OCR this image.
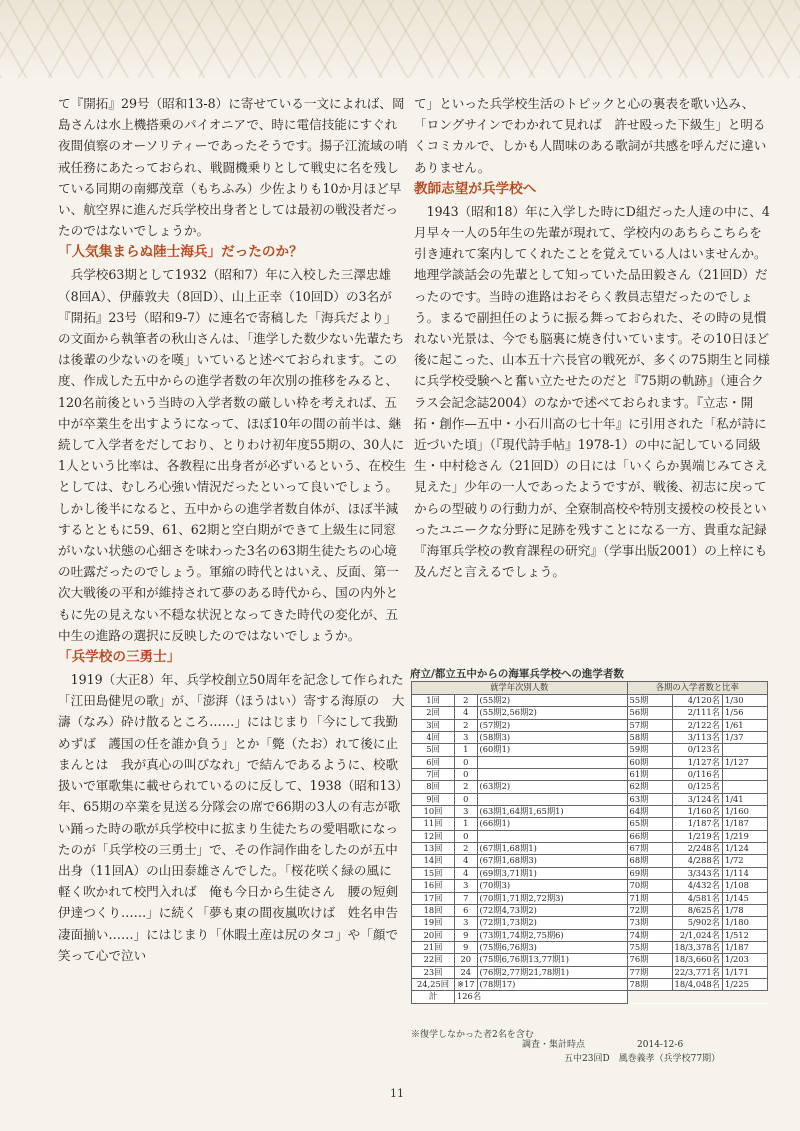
て『開拓』29号（昭和13-8）に寄せている一文によれば、岡島さんは水上機搭乗のパイオニアで、時に電信技能にすぐれ夜間偵察のオーソリティーであったそうです。揚子江流域の哨戒任務にあたっておられ、戦闘機乗りとして戦史に名を残している同期の南郷茂章（もちふみ）少佐よりも10か月ほど早い、航空界に進んだ兵学校出身者としては最初の戦没者だったのではないでしょうか。

「人気集まらぬ陸士海兵」だったのか？

兵学校63期として1932（昭和7）年に入校した三澤忠雄（8回A）、伊藤敦夫（8回D）、山上正幸（10回D）の3名が『開拓』23号（昭和9-7）に連名で寄稿した「海兵だより」の文面から執筆者の秋山さんは、「進学した数少ない先輩たちは後輩の少ないのを嘆」いていると述べておられます。この度、作成した五中からの進学者数の年次別の推移をみると、120名前後という当時の入学者数の厳しい枠を考えれば、五中が卒業生を出すようになって、ほぼ10年の間の前半は、継続して入学者をだしており、とりわけ初年度55期の、30人に1人という比率は、各教程に出身者が必ずいるという、在校生としては、むしろ心強い情況だったといって良いでしょう。しかし後半になると、五中からの進学者数自体が、ほぼ半減するとともに59、61、62期と空白期ができて上級生に同窓がいない状態の心細さを味わった3名の63期生徒たちの心境の吐露だったのでしょう。軍縮の時代とはいえ、反面、第一次大戦後の平和が維持されて夢のある時代から、国の内外ともに先の見えない不穏な状況となってきた時代の変化が、五中生の進路の選択に反映したのではないでしょうか。

「兵学校の三勇士」

1919（大正8）年、兵学校創立50周年を記念して作られた「江田島健児の歌」が、「澎湃（ほうはい）寄する海原の　大濤（なみ）砕け散るところ……」にはじまり「今にして我勤めずば　護国の任を誰か負う」とか「斃（たお）れて後に止まんとは　我が真心の叫びなれ」で結んであるように、校歌扱いで軍歌集に載せられているのに反して、1938（昭和13）年、65期の卒業を見送る分隊会の席で66期の3人の有志が歌い踊った時の歌が兵学校中に拡まり生徒たちの愛唱歌になったのが「兵学校の三勇士」で、その作詞作曲をしたのが五中出身（11回A）の山田泰雄さんでした。「桜花咲く緑の風に　軽く吹かれて校門入れば　俺も今日から生徒さん　腰の短剣伊達つくり……」に続く「夢も東の間夜嵐吹けば　姓名申告凄面揃い……」にはじまり「休暇土産は尻のタコ」や「顔で笑って心で泣い

て」といった兵学校生活のトピックと心の裏表を歌い込み、「ロングサインでわかれて見れば　許せ殴った下級生」と明るくコミカルで、しかも人間味のある歌詞が共感を呼んだに違いありません。

教師志望が兵学校へ

1943（昭和18）年に入学した時にD組だった人達の中に、4月早々一人の5年生の先輩が現れて、学校内のあちらこちらを引き連れて案内してくれたことを覚えている人はいませんか。地理学談話会の先輩として知っていた品田毅さん（21回D）だったのです。当時の進路はおそらく教員志望だったのでしょう。まるで副担任のように振る舞っておられた、その時の見慣れない光景は、今でも脳裏に焼き付いています。その10日ほど後に起こった、山本五十六長官の戦死が、多くの75期生と同様に兵学校受験へと奮い立たせたのだと『75期の軌跡』（連合クラス会記念誌2004）のなかで述べておられます。『立志・開拓・創作—五中・小石川高の七十年』に引用された「私が詩に近づいた頃」（『現代詩手帖』1978-1）の中に記している同級生・中村稔さん（21回D）の日には「いくらか異端じみてさえ見えた」少年の一人であったようですが、戦後、初志に戻ってからの型破りの行動力が、全寮制高校や特別支援校の校長といったユニークな分野に足跡を残すことになる一方、貴重な記録『海軍兵学校の教育課程の研究』（学事出版2001）の上梓にも及んだと言えるでしょう。

府立/都立五中からの海軍兵学校への進学者数
就学年次別人数			各期の入学者数と比率		
1回	2	(55期2)	55期	4/120名	1/30
2回	4	(55期2,56期2)	56期	2/111名	1/56
3回	2	(57期2)	57期	2/122名	1/61
4回	3	(58期3)	58期	3/113名	1/37
5回	1	(60期1)	59期	0/123名	
6回	0		60期	1/127名	1/127
7回	0		61期	0/116名	
8回	2	(63期2)	62期	0/125名	
9回	0		63期	3/124名	1/41
10回	3	(63期1,64期1,65期1)	64期	1/160名	1/160
11回	1	(66期1)	65期	1/187名	1/187
12回	0		66期	1/219名	1/219
13回	2	(67期1,68期1)	67期	2/248名	1/124
14回	4	(67期1,68期3)	68期	4/288名	1/72
15回	4	(69期3,71期1)	69期	3/343名	1/114
16回	3	(70期3)	70期	4/432名	1/108
17回	7	(70期1,71期2,72期3)	71期	4/581名	1/145
18回	6	(72期4,73期2)	72期	8/625名	1/78
19回	3	(72期1,73期2)	73期	5/902名	1/180
20回	9	(73期1,74期2,75期6)	74期	2/1,024名	1/512
21回	9	(75期6,76期3)	75期	18/3,378名	1/187
22回	20	(75期6,76期13,77期1)	76期	18/3,660名	1/203
23回	24	(76期2,77期21,78期1)	77期	22/3,771名	1/171
24,25回	※17	(78期17)	78期	18/4,048名	1/225
計	126名				
※復学しなかった者2名を含む
調査・集計時点	2014-12-6
五中23回D　風巻義孝（兵学校77期）
11
